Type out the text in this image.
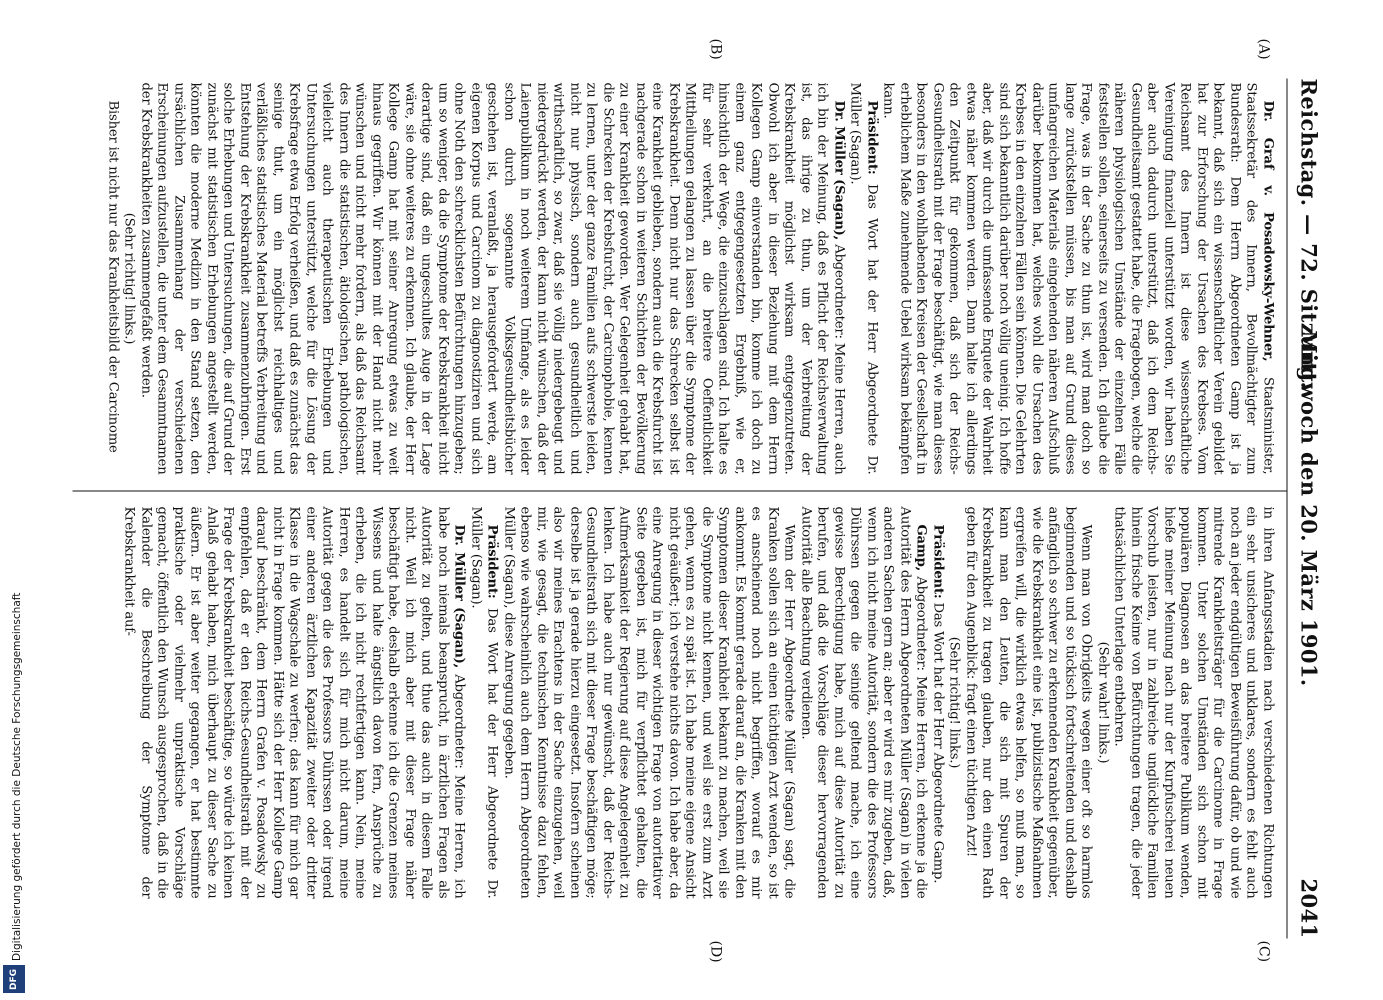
Reichstag. — 72. Sitzung.
Mittwoch den 20. März 1901.
2041
(A)
(B)
(C)
(D)

Dr. Graf v. Posadowsky-Wehner, Staatsminister, Staatssekretär des Innern, Bevollmächtigter zum Bundesrath: Dem Herrn Abgeordneten Gamp ist ja bekannt, daß sich ein wissenschaftlicher Verein gebildet hat zur Erforschung der Ursachen des Krebses. Vom Reichsamt des Innern ist diese wissenschaftliche Vereinigung finanziell unterstützt worden, wir haben Sie aber auch dadurch unterstützt, daß ich dem Reichs-Gesundheitsamt gestattet habe, die Fragebogen, welche die näheren physiologischen Umstände der einzelnen Fälle feststellen sollen, seinerseits zu versenden. Ich glaube die Frage, was in der Sache zu thun ist, wird man doch so lange zurückstellen müssen, bis man auf Grund dieses umfangreichen Materials eingehenden näheren Aufschluß darüber bekommen hat, welches wohl die Ursachen des Krebses in den einzelnen Fällen sein können. Die Gelehrten sind sich bekanntlich darüber noch völlig uneinig. Ich hoffe aber, daß wir durch die umfassende Enquete der Wahrheit etwas näher kommen werden. Dann halte ich allerdings den Zeitpunkt für gekommen, daß sich der Reichs-Gesundheitsrath mit der Frage beschäftigt, wie man dieses besonders in den wohlhabenden Kreisen der Gesellschaft in erheblichem Maße zunehmende Uebel wirksam bekämpfen kann.

Präsident: Das Wort hat der Herr Abgeordnete Dr. Müller (Sagan).

Dr. Müller (Sagan), Abgeordneter: Meine Herren, auch ich bin der Meinung, daß es Pflicht der Reichsverwaltung ist, das ihrige zu thun, um der Verbreitung der Krebskrankheit möglichst wirksam entgegenzutreten. Obwohl ich aber in dieser Beziehung mit dem Herrn Kollegen Gamp einverstanden bin, komme ich doch zu einem ganz entgegengesetzten Ergebniß, wie er, hinsichtlich der Wege, die einzuschlagen sind. Ich halte es für sehr verkehrt, an die breitere Oeffentlichkeit Mittheilungen gelangen zu lassen über die Symptome der Krebskrankheit. Denn nicht nur das Schrecken selbst ist eine Krankheit geblieben, sondern auch die Krebsfurcht ist nachgerade schon in weiteren Schichten der Bevölkerung zu einer Krankheit geworden. Wer Gelegenheit gehabt hat, die Schrecken der Krebsfurcht, der Carcinophobie, kennen zu lernen, unter der ganze Familien aufs schwerste leiden, nicht nur physisch, sondern auch gesundheitlich und wirthschaftlich, so zwar, daß sie völlig niedergebeugt und niedergedrückt werden, der kann nicht wünschen, daß der Laienpublikum in noch weiterem Umfange, als es leider schon durch sogenannte Volksgesundheitsbücher geschehen ist, veranlaßt, ja herausgefordert werde, am eigenen Korpus und Carcinom zu diagnostiziren und sich ohne Noth den schrecklichsten Befürchtungen hinzugeben; um so weniger, da die Symptome der Krebskrankheit nicht derartige sind, daß ein ungeschultes Auge in der Lage wäre, sie ohne weiteres zu erkennen. Ich glaube, der Herr Kollege Gamp hat mit seiner Anregung etwas zu weit hinaus gegriffen. Wir können mit der Hand nicht mehr wünschen und nicht mehr fordern, als daß das Reichsamt des Innern die statistischen, ätiologischen, pathologischen, vielleicht auch therapeutischen Erhebungen und Untersuchungen unterstützt, welche für die Lösung der Krebsfrage etwa Erfolg verheißen, und daß es zunächst das seinige thut, um ein möglichst reichhaltiges und verläßliches statistisches Material betreffs Verbreitung und Entstehung der Krebskrankheit zusammenzubringen. Erst solche Erhebungen und Untersuchungen, die auf Grund der zunächst mit statistischen Erhebungen angestellt werden, könnten die moderne Medizin in den Stand setzen, den ursächlichen Zusammenhang der verschiedenen Erscheinungen aufzustellen, die unter dem Gesammtnamen der Krebskrankheiten zusammengefaßt werden.

(Sehr richtig! links.)

Bisher ist nicht nur das Krankheitsbild der Carcinome

in ihren Anfangsstadien nach verschiedenen Richtungen ein sehr unsicheres und unklares, sondern es fehlt auch noch an jeder endgültigen Beweisführung dafür, ob und wie mitrende Krankheitsträger für die Carcinome in Frage kommen. Unter solchen Umständen sich schon mit populären Diagnosen an das breitere Publikum wenden, hieße meiner Meinung nach nur der Kurpfuscherei neuen Vorschub leisten, nur in zahlreiche unglückliche Familien hinein frische Keime von Befürchtungen tragen, die jeder thatsächlichen Unterlage entbehren.

(Sehr wahr! links.)

Wenn man von Obrigkeits wegen einer oft so harmlos beginnenden und so tückisch fortschreitenden und deshalb anfänglich so schwer zu erkennenden Krankheit gegenüber, wie die Krebskrankheit eine ist, publizistische Maßnahmen ergreifen will, die wirklich etwas helfen, so muß man, so kann man den Leuten, die sich mit Spuren der Krebskrankheit zu tragen glauben, nur den einen Rath geben für den Augenblick: fragt einen tüchtigen Arzt!

(Sehr richtig! links.)

Präsident: Das Wort hat der Herr Abgeordnete Gamp.

Gamp, Abgeordneter: Meine Herren, ich erkenne ja die Autorität des Herrn Abgeordneten Müller (Sagan) in vielen anderen Sachen gern an; aber er wird es mir zugeben, daß, wenn ich nicht meine Autorität, sondern die des Professors Dührssen gegen die seinige geltend mache, ich eine gewisse Berechtigung habe, mich auf diese Autorität zu berufen, und daß die Vorschläge dieser hervorragenden Autorität alle Beachtung verdienen.

Wenn der Herr Abgeordnete Müller (Sagan) sagt, die Kranken sollen sich an einen tüchtigen Arzt wenden, so ist es anscheinend noch nicht begriffen, worauf es mir ankommt. Es kommt gerade darauf an, die Kranken mit den Symptomen dieser Krankheit bekannt zu machen, weil sie die Symptome nicht kennen, und weil sie erst zum Arzt gehen, wenn es zu spät ist. Ich habe meine eigene Ansicht nicht geäußert; ich verstehe nichts davon. Ich habe aber, da eine Anregung in dieser wichtigen Frage von autoritativer Seite gegeben ist, mich für verpflichtet gehalten, die Aufmerksamkeit der Regierung auf diese Angelegenheit zu lenken. Ich habe auch nur gewünscht, daß der Reichs-Gesundheitsrath sich mit dieser Frage beschäftigen möge; derselbe ist ja gerade hierzu eingesetzt. Insofern scheinen also wir meines Erachtens in der Sache einzugehen, weil mir, wie gesagt, die technischen Kenntnisse dazu fehlen, ebenso wie wahrscheinlich auch dem Herrn Abgeordneten Müller (Sagan), diese Anregung gegeben.

Präsident: Das Wort hat der Herr Abgeordnete Dr. Müller (Sagan).

Dr. Müller (Sagan), Abgeordneter: Meine Herren, ich habe noch niemals beansprucht, in ärztlichen Fragen als Autorität zu gelten, und thue das auch in diesem Falle nicht. Weil ich mich aber mit dieser Frage näher beschäftigt habe, deshalb erkenne ich die Grenzen meines Wissens und halte ängstlich davon fern, Ansprüche zu erheben, die ich nicht rechtfertigen kann. Nein, meine Herren, es handelt sich für mich nicht darum, meine Autorität gegen die des Professors Dührssen oder irgend einer anderen ärztlichen Kapazität zweiter oder dritter Klasse in die Wagschale zu werfen; das kann für mich gar nicht in Frage kommen. Hätte sich der Herr Kollege Gamp darauf beschränkt, dem Herrn Grafen v. Posadowsky zu empfehlen, daß er den Reichs-Gesundheitsrath mit der Frage der Krebskrankheit beschäftige, so würde ich keinen Anlaß gehabt haben, mich überhaupt zu dieser Sache zu äußern. Er ist aber weiter gegangen, er hat bestimmte praktische oder vielmehr unpraktische Vorschläge gemacht, öffentlich den Wunsch ausgesprochen, daß in die Kalender die Beschreibung der Symptome der Krebskrankheit auf-

Digitalisierung gefördert durch die Deutsche Forschungsgemeinschaft
DFG
